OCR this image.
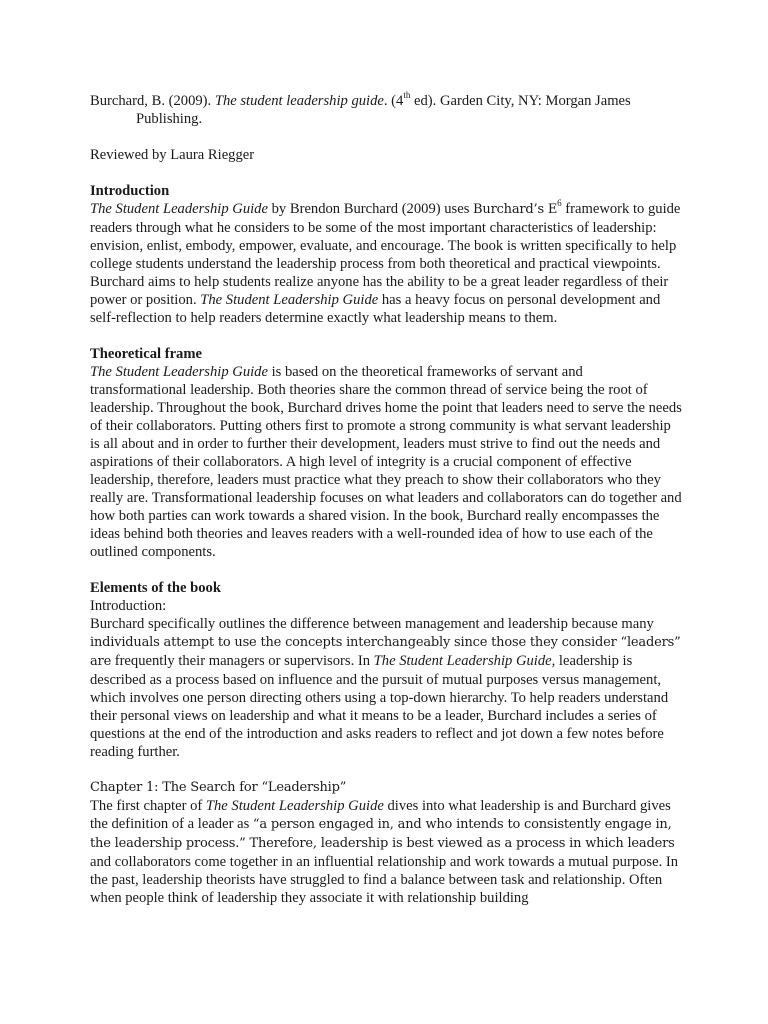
Burchard, B. (2009). The student leadership guide. (4th ed). Garden City, NY: Morgan James Publishing.

Reviewed by Laura Riegger

Introduction

The Student Leadership Guide by Brendon Burchard (2009) uses Burchard’s $E^6$ framework to guide readers through what he considers to be some of the most important characteristics of leadership: envision, enlist, embody, empower, evaluate, and encourage. The book is written specifically to help college students understand the leadership process from both theoretical and practical viewpoints. Burchard aims to help students realize anyone has the ability to be a great leader regardless of their power or position. The Student Leadership Guide has a heavy focus on personal development and self-reflection to help readers determine exactly what leadership means to them.

Theoretical frame

The Student Leadership Guide is based on the theoretical frameworks of servant and transformational leadership. Both theories share the common thread of service being the root of leadership. Throughout the book, Burchard drives home the point that leaders need to serve the needs of their collaborators. Putting others first to promote a strong community is what servant leadership is all about and in order to further their development, leaders must strive to find out the needs and aspirations of their collaborators. A high level of integrity is a crucial component of effective leadership, therefore, leaders must practice what they preach to show their collaborators who they really are. Transformational leadership focuses on what leaders and collaborators can do together and how both parties can work towards a shared vision. In the book, Burchard really encompasses the ideas behind both theories and leaves readers with a well-rounded idea of how to use each of the outlined components.

Elements of the book

Introduction:

Burchard specifically outlines the difference between management and leadership because many individuals attempt to use the concepts interchangeably since those they consider “leaders” are frequently their managers or supervisors. In The Student Leadership Guide, leadership is described as a process based on influence and the pursuit of mutual purposes versus management, which involves one person directing others using a top-down hierarchy. To help readers understand their personal views on leadership and what it means to be a leader, Burchard includes a series of questions at the end of the introduction and asks readers to reflect and jot down a few notes before reading further.

Chapter 1: The Search for “Leadership”

The first chapter of The Student Leadership Guide dives into what leadership is and Burchard gives the definition of a leader as “a person engaged in, and who intends to consistently engage in, the leadership process.” Therefore, leadership is best viewed as a process in which leaders and collaborators come together in an influential relationship and work towards a mutual purpose. In the past, leadership theorists have struggled to find a balance between task and relationship. Often when people think of leadership they associate it with relationship building
